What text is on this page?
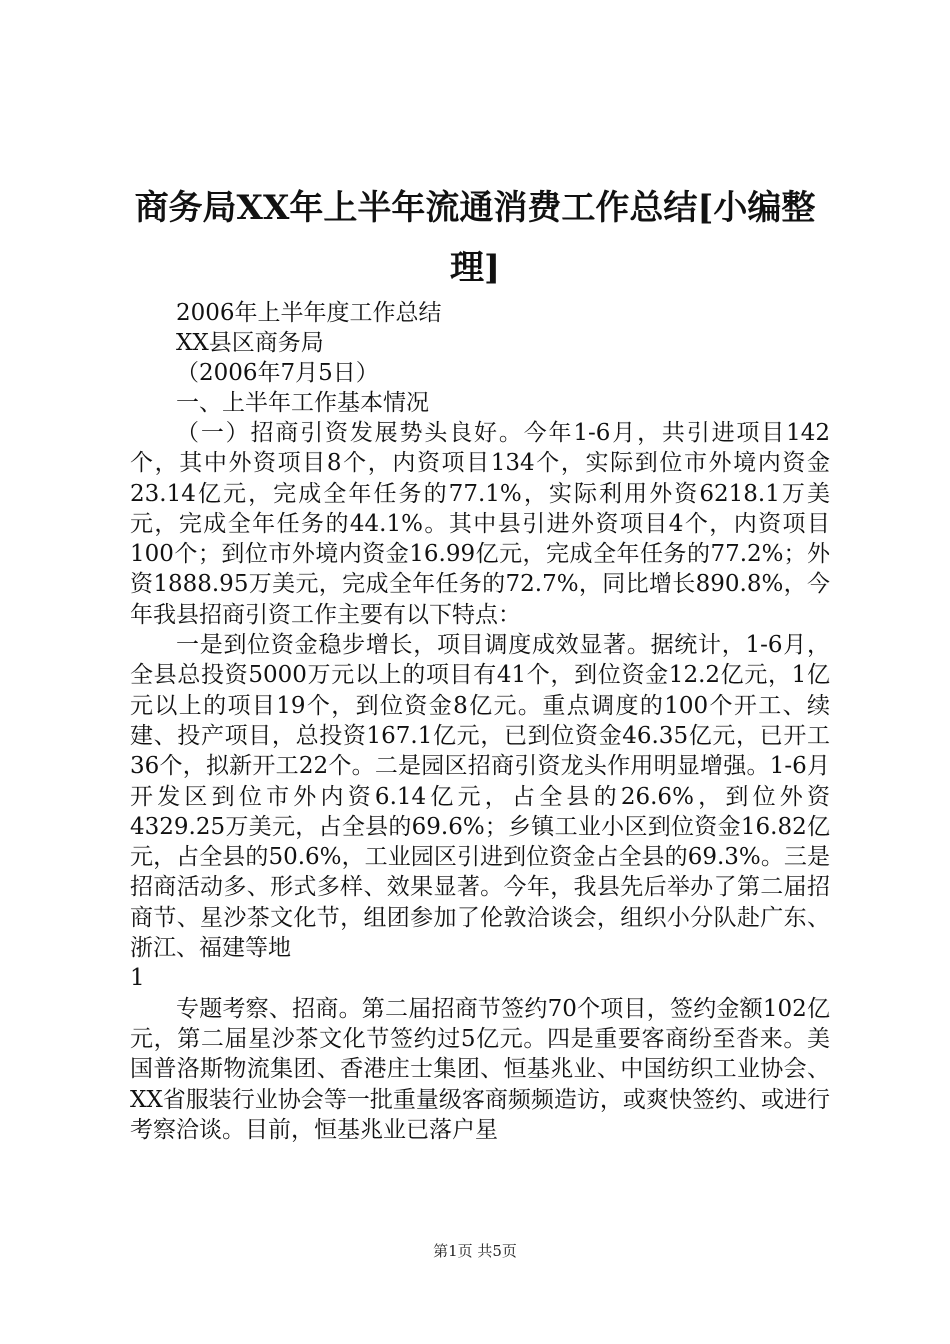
商务局XX年上半年流通消费工作总结[小编整理]

2006年上半年度工作总结

XX县区商务局

（2006年7月5日）

一、上半年工作基本情况

（一）招商引资发展势头良好。今年1-6月，共引进项目142个，其中外资项目8个，内资项目134个，实际到位市外境内资金23.14亿元，完成全年任务的77.1%，实际利用外资6218.1万美元，完成全年任务的44.1%。其中县引进外资项目4个，内资项目100个；到位市外境内资金16.99亿元，完成全年任务的77.2%；外资1888.95万美元，完成全年任务的72.7%，同比增长890.8%，今年我县招商引资工作主要有以下特点：

一是到位资金稳步增长，项目调度成效显著。据统计，1-6月，全县总投资5000万元以上的项目有41个，到位资金12.2亿元，1亿元以上的项目19个，到位资金8亿元。重点调度的100个开工、续建、投产项目，总投资167.1亿元，已到位资金46.35亿元，已开工36个，拟新开工22个。二是园区招商引资龙头作用明显增强。1-6月开发区到位市外内资6.14亿元，占全县的26.6%，到位外资4329.25万美元，占全县的69.6%；乡镇工业小区到位资金16.82亿元，占全县的50.6%，工业园区引进到位资金占全县的69.3%。三是招商活动多、形式多样、效果显著。今年，我县先后举办了第二届招商节、星沙茶文化节，组团参加了伦敦洽谈会，组织小分队赴广东、浙江、福建等地

1

专题考察、招商。第二届招商节签约70个项目，签约金额102亿元，第二届星沙茶文化节签约过5亿元。四是重要客商纷至沓来。美国普洛斯物流集团、香港庄士集团、恒基兆业、中国纺织工业协会、XX省服装行业协会等一批重量级客商频频造访，或爽快签约、或进行考察洽谈。目前，恒基兆业已落户星

第1页 共5页
